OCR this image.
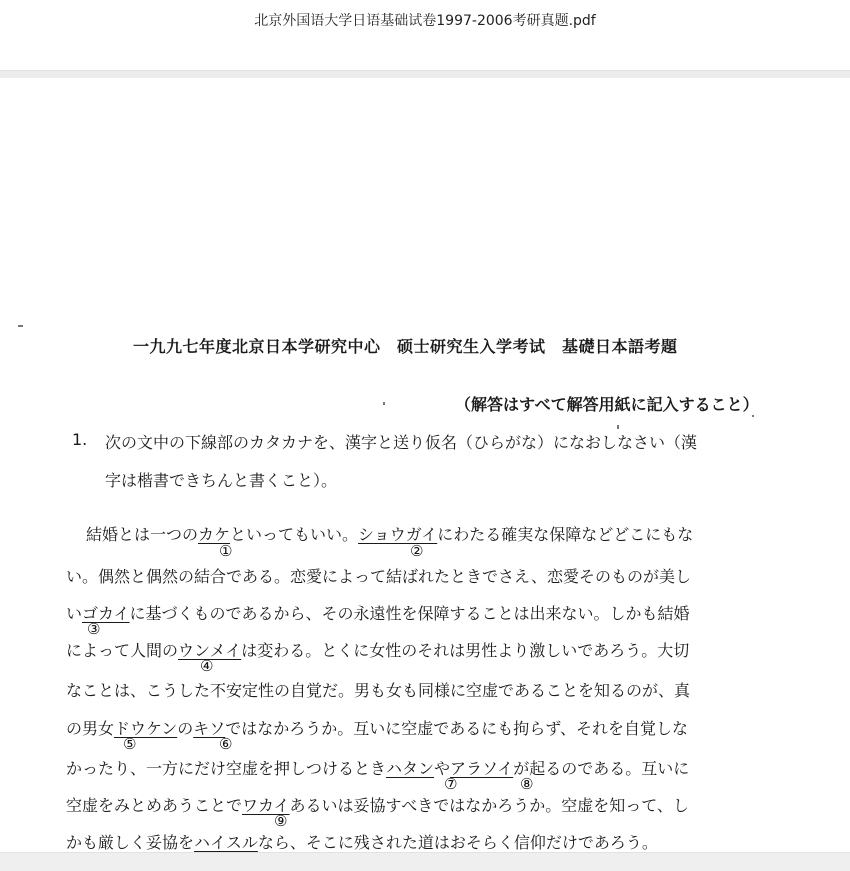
北京外国语大学日语基础试卷1997-2006考研真题.pdf
一九九七年度北京日本学研究中心　硕士研究生入学考试　基礎日本語考題
（解答はすべて解答用紙に記入すること）
1. 次の文中の下線部のカタカナを、漢字と送り仮名（ひらがな）になおしなさい（漢
字は楷書できちんと書くこと）。
結婚とは一つのカケといってもいい。ショウガイにわたる確実な保障などどこにもな
い。偶然と偶然の結合である。恋愛によって結ばれたときでさえ、恋愛そのものが美し
いゴカイに基づくものであるから、その永遠性を保障することは出来ない。しかも結婚
によって人間のウンメイは変わる。とくに女性のそれは男性より激しいであろう。大切
なことは、こうした不安定性の自覚だ。男も女も同様に空虚であることを知るのが、真
の男女ドウケンのキソではなかろうか。互いに空虚であるにも拘らず、それを自覚しな
かったり、一方にだけ空虚を押しつけるときハタンやアラソイが起るのである。互いに
空虚をみとめあうことでワカイあるいは妥協すべきではなかろうか。空虚を知って、し
かも厳しく妥協をハイスルなら、そこに残された道はおそらく信仰だけであろう。
①	②
③
④
⑤	⑥
⑦	⑧
⑨
